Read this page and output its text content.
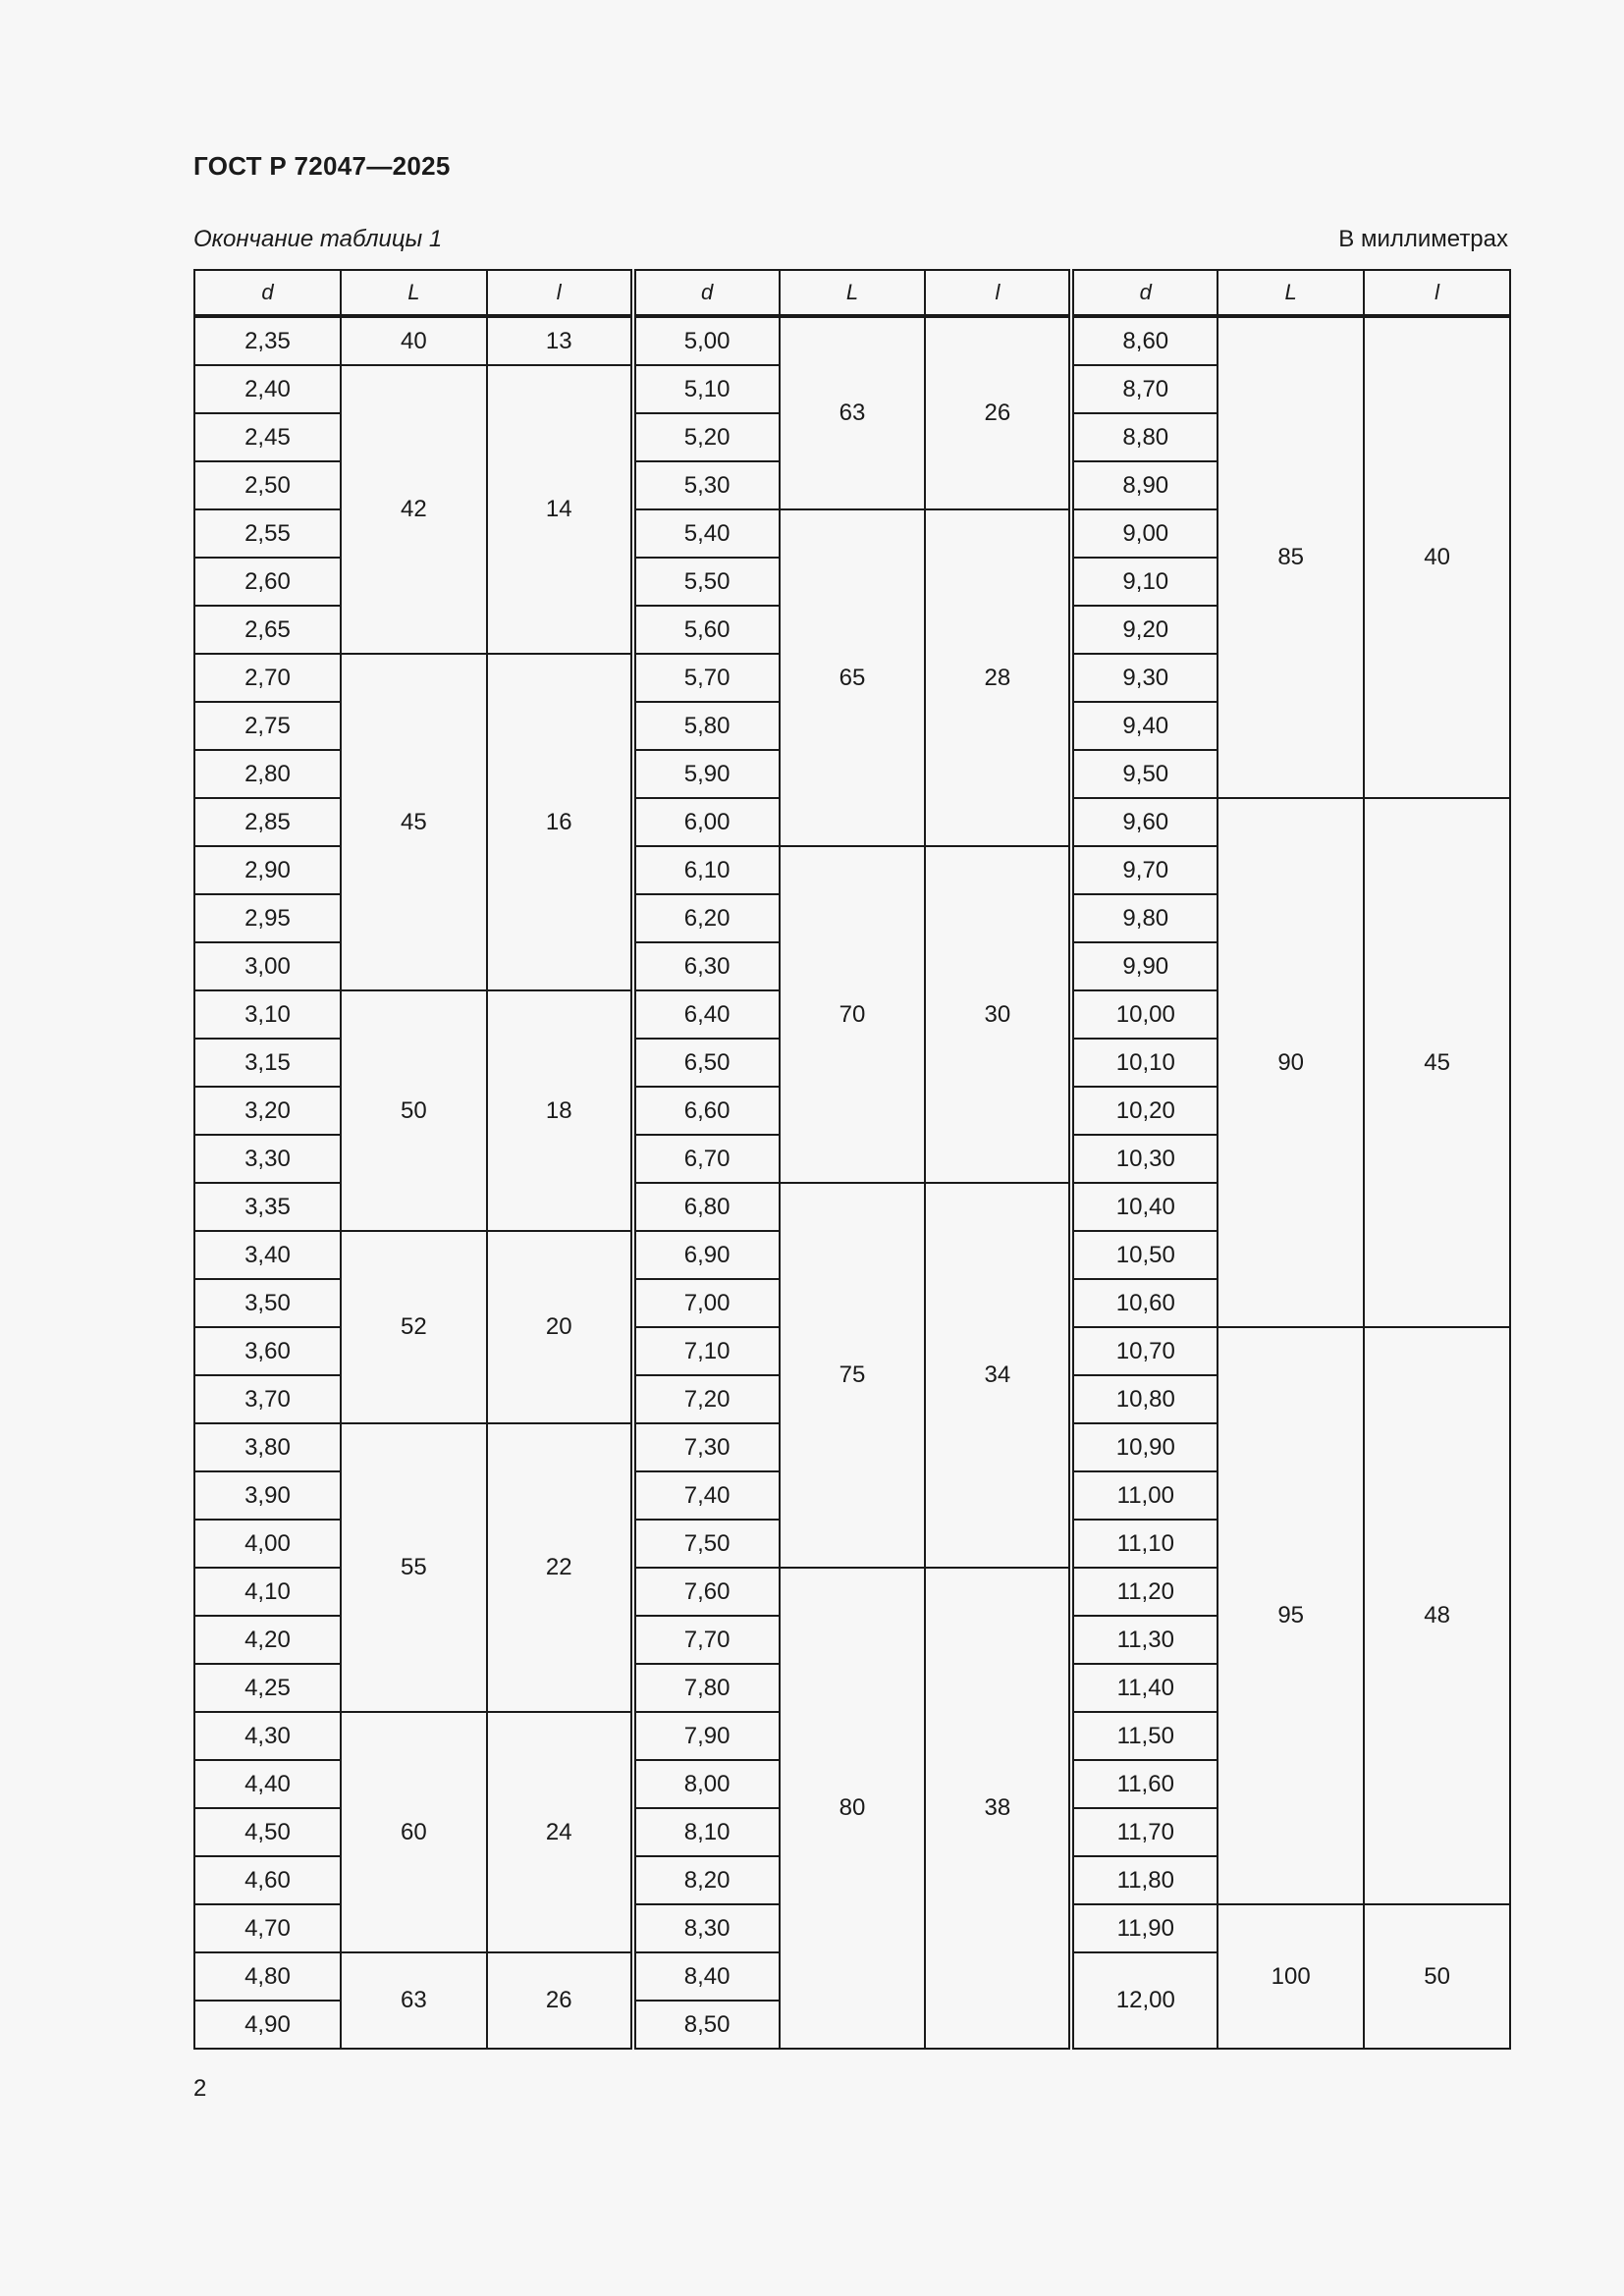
ГОСТ Р 72047—2025
Окончание таблицы 1	В миллиметрах
d	L	l	d	L	l	d	L	l
2,35	40	13	5,00	63	26	8,60	85	40
2,40	42	14	5,10			8,70		
2,45			5,20			8,80		
2,50			5,30			8,90		
2,55			5,40	65	28	9,00		
2,60			5,50			9,10		
2,65			5,60			9,20		
2,70	45	16	5,70			9,30		
2,75			5,80			9,40		
2,80			5,90			9,50		
2,85			6,00			9,60	90	45
2,90			6,10	70	30	9,70		
2,95			6,20			9,80		
3,00			6,30			9,90		
3,10	50	18	6,40			10,00		
3,15			6,50			10,10		
3,20			6,60			10,20		
3,30			6,70			10,30		
3,35			6,80	75	34	10,40		
3,40	52	20	6,90			10,50		
3,50			7,00			10,60		
3,60			7,10			10,70	95	48
3,70			7,20			10,80		
3,80	55	22	7,30			10,90		
3,90			7,40			11,00		
4,00			7,50			11,10		
4,10			7,60	80	38	11,20		
4,20			7,70			11,30		
4,25			7,80			11,40		
4,30	60	24	7,90			11,50		
4,40			8,00			11,60		
4,50			8,10			11,70		
4,60			8,20			11,80		
4,70			8,30			11,90	100	50
4,80	63	26	8,40			12,00		
4,90			8,50					
2
